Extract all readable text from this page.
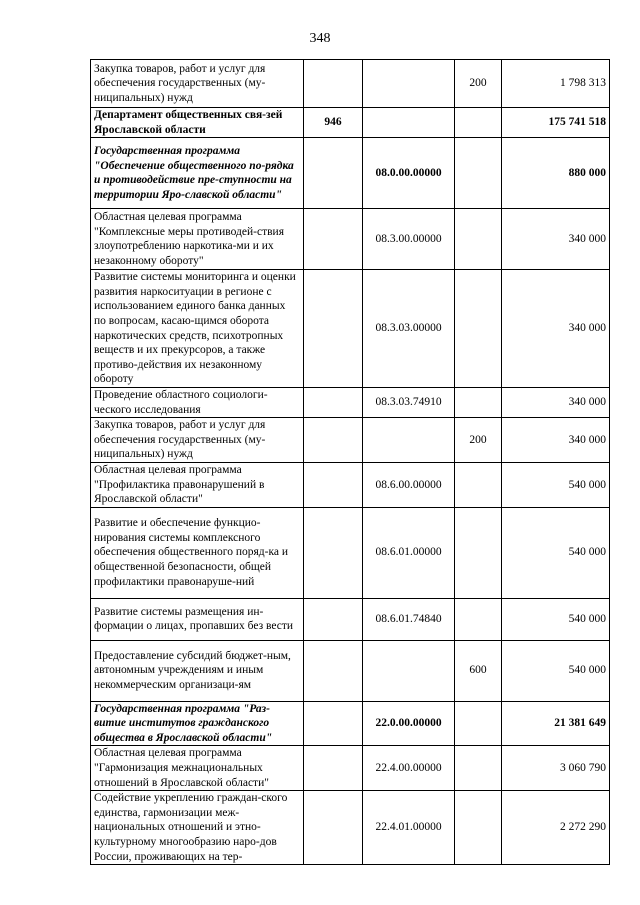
348
Закупка товаров, работ и услуг для обеспечения государственных (му-ниципальных) нужд			200	1 798 313
Департамент общественных свя-зей Ярославской области	946			175 741 518
Государственная программа "Обеспечение общественного по-рядка и противодействие пре-ступности на территории Яро-славской области"		08.0.00.00000		880 000
Областная целевая программа "Комплексные меры противодей-ствия злоупотреблению наркотика-ми и их незаконному обороту"		08.3.00.00000		340 000
Развитие системы мониторинга и оценки развития наркоситуации в регионе с использованием единого банка данных по вопросам, касаю-щимся оборота наркотических средств, психотропных веществ и их прекурсоров, а также противо-действия их незаконному обороту		08.3.03.00000		340 000
Проведение областного социологи-ческого исследования		08.3.03.74910		340 000
Закупка товаров, работ и услуг для обеспечения государственных (му-ниципальных) нужд			200	340 000
Областная целевая программа "Профилактика правонарушений в Ярославской области"		08.6.00.00000		540 000
Развитие и обеспечение функцио-нирования системы комплексного обеспечения общественного поряд-ка и общественной безопасности, общей профилактики правонаруше-ний		08.6.01.00000		540 000
Развитие системы размещения ин-формации о лицах, пропавших без вести		08.6.01.74840		540 000
Предоставление субсидий бюджет-ным, автономным учреждениям и иным некоммерческим организаци-ям			600	540 000
Государственная программа "Раз-витие институтов гражданского общества в Ярославской области"		22.0.00.00000		21 381 649
Областная целевая программа "Гармонизация межнациональных отношений в Ярославской области"		22.4.00.00000		3 060 790
Содействие укреплению граждан-ского единства, гармонизации меж-национальных отношений и этно-культурному многообразию наро-дов России, проживающих на тер-		22.4.01.00000		2 272 290
